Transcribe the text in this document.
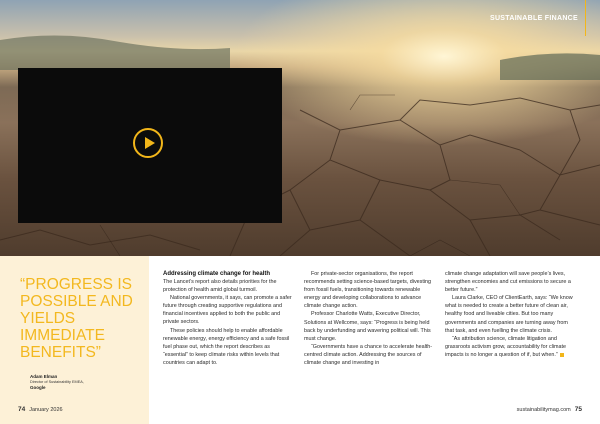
SUSTAINABLE FINANCE

“PROGRESS IS POSSIBLE AND YIELDS IMMEDIATE BENEFITS”

Adam Elman
Director of Sustainability EMEA,
Google
Addressing climate change for health

The Lancet’s report also details priorities for the protection of health amid global turmoil.

National governments, it says, can promote a safer future through creating supportive regulations and financial incentives applied to both the public and private sectors.

These policies should help to enable affordable renewable energy, energy efficiency and a safe fossil fuel phase out, which the report describes as “essential” to keep climate risks within levels that countries can adapt to.

For private-sector organisations, the report recommends setting science-based targets, divesting from fossil fuels, transitioning towards renewable energy and developing collaborations to advance climate change action.

Professor Charlotte Watts, Executive Director, Solutions at Wellcome, says: “Progress is being held back by underfunding and wavering political will. This must change.

“Governments have a chance to accelerate health-centred climate action. Addressing the sources of climate change and investing in

climate change adaptation will save people’s lives, strengthen economies and cut emissions to secure a better future.”

Laura Clarke, CEO of ClientEarth, says: “We know what is needed to create a better future of clean air, healthy food and liveable cities. But too many governments and companies are turning away from that task, and even fuelling the climate crisis.

“As attribution science, climate litigation and grassroots activism grow, accountability for climate impacts is no longer a question of if, but when.”

74 January 2026	sustainabilitymag.com 75
